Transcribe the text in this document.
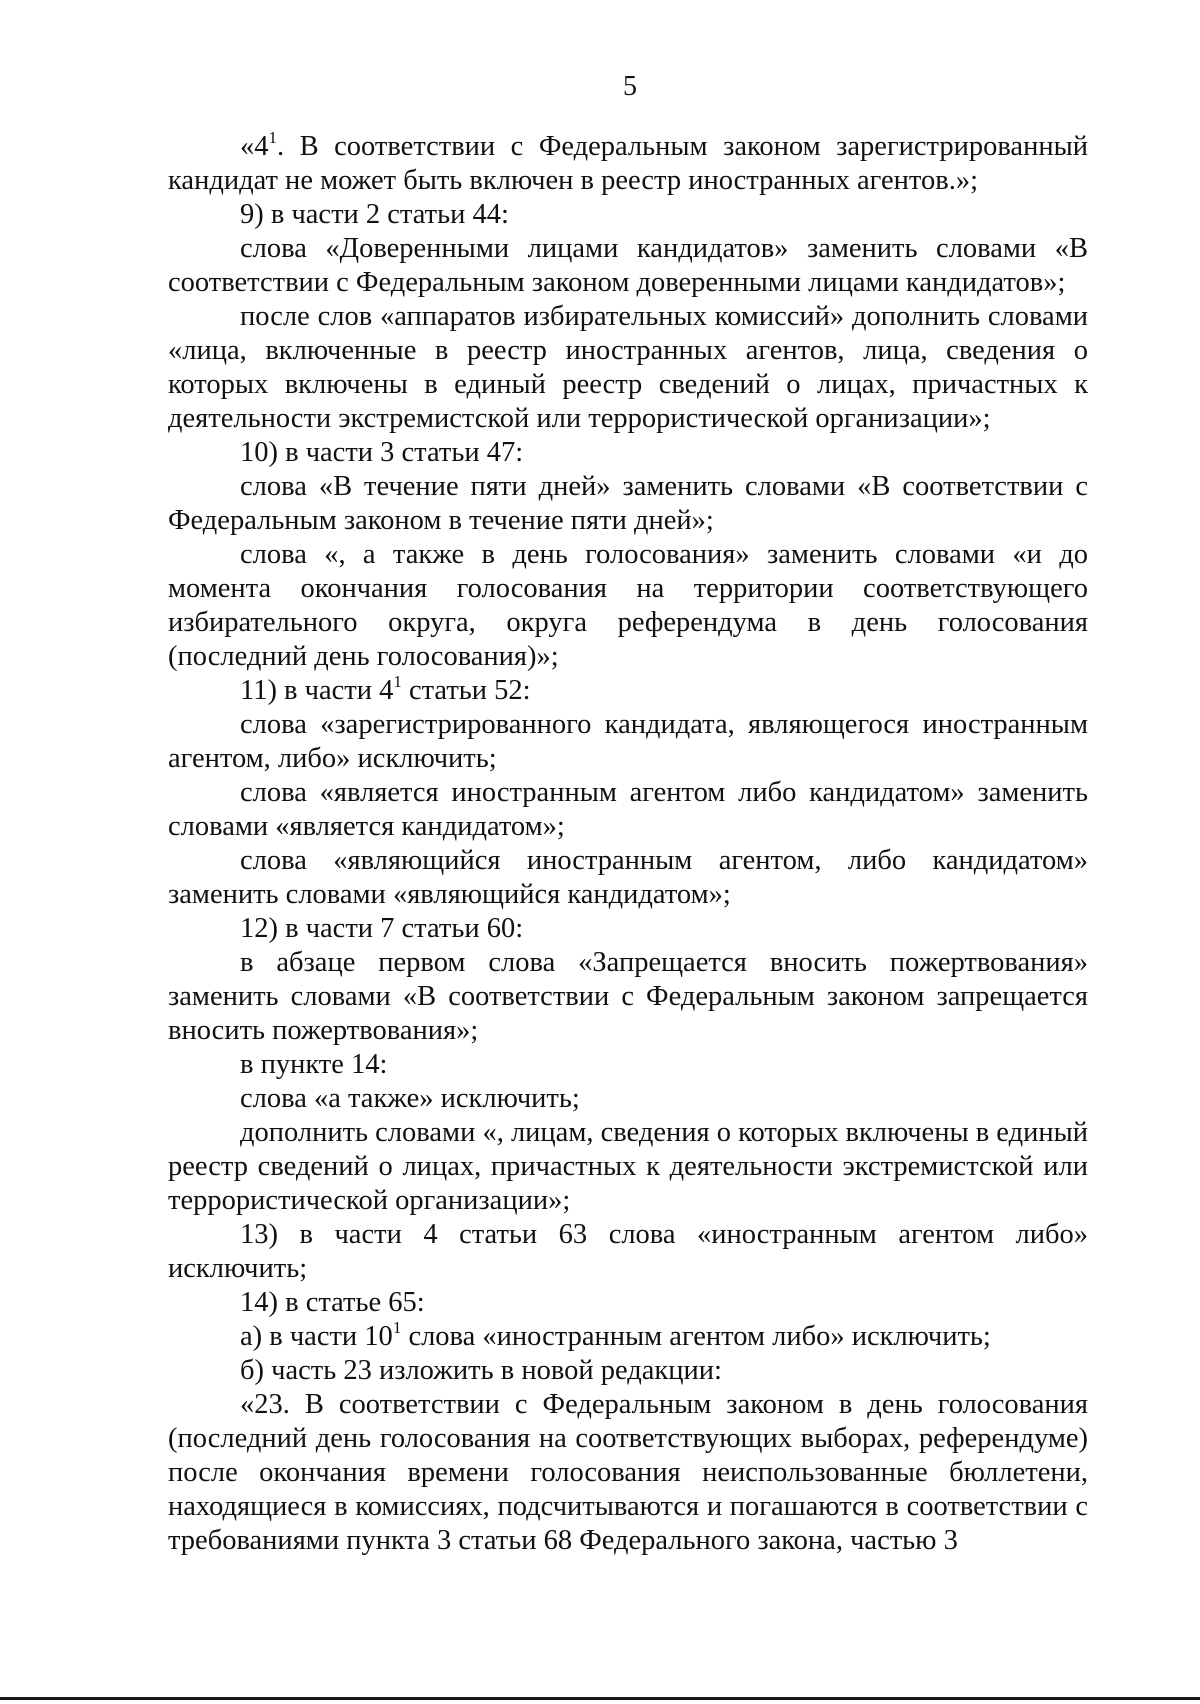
5

«$4^1$. В соответствии с Федеральным законом зарегистрированный кандидат не может быть включен в реестр иностранных агентов.»;

9) в части 2 статьи 44:

слова «Доверенными лицами кандидатов» заменить словами «В соответствии с Федеральным законом доверенными лицами кандидатов»;

после слов «аппаратов избирательных комиссий» дополнить словами «лица, включенные в реестр иностранных агентов, лица, сведения о которых включены в единый реестр сведений о лицах, причастных к деятельности экстремистской или террористической организации»;

10) в части 3 статьи 47:

слова «В течение пяти дней» заменить словами «В соответствии с Федеральным законом в течение пяти дней»;

слова «, а также в день голосования» заменить словами «и до момента окончания голосования на территории соответствующего избирательного округа, округа референдума в день голосования (последний день голосования)»;

11) в части $4^1$ статьи 52:

слова «зарегистрированного кандидата, являющегося иностранным агентом, либо» исключить;

слова «является иностранным агентом либо кандидатом» заменить словами «является кандидатом»;

слова «являющийся иностранным агентом, либо кандидатом» заменить словами «являющийся кандидатом»;

12) в части 7 статьи 60:

в абзаце первом слова «Запрещается вносить пожертвования» заменить словами «В соответствии с Федеральным законом запрещается вносить пожертвования»;

в пункте 14:

слова «а также» исключить;

дополнить словами «, лицам, сведения о которых включены в единый реестр сведений о лицах, причастных к деятельности экстремистской или террористической организации»;

13) в части 4 статьи 63 слова «иностранным агентом либо» исключить;

14) в статье 65:

а) в части $10^1$ слова «иностранным агентом либо» исключить;

б) часть 23 изложить в новой редакции:

«23. В соответствии с Федеральным законом в день голосования (последний день голосования на соответствующих выборах, референдуме) после окончания времени голосования неиспользованные бюллетени, находящиеся в комиссиях, подсчитываются и погашаются в соответствии с требованиями пункта 3 статьи 68 Федерального закона, частью 3
